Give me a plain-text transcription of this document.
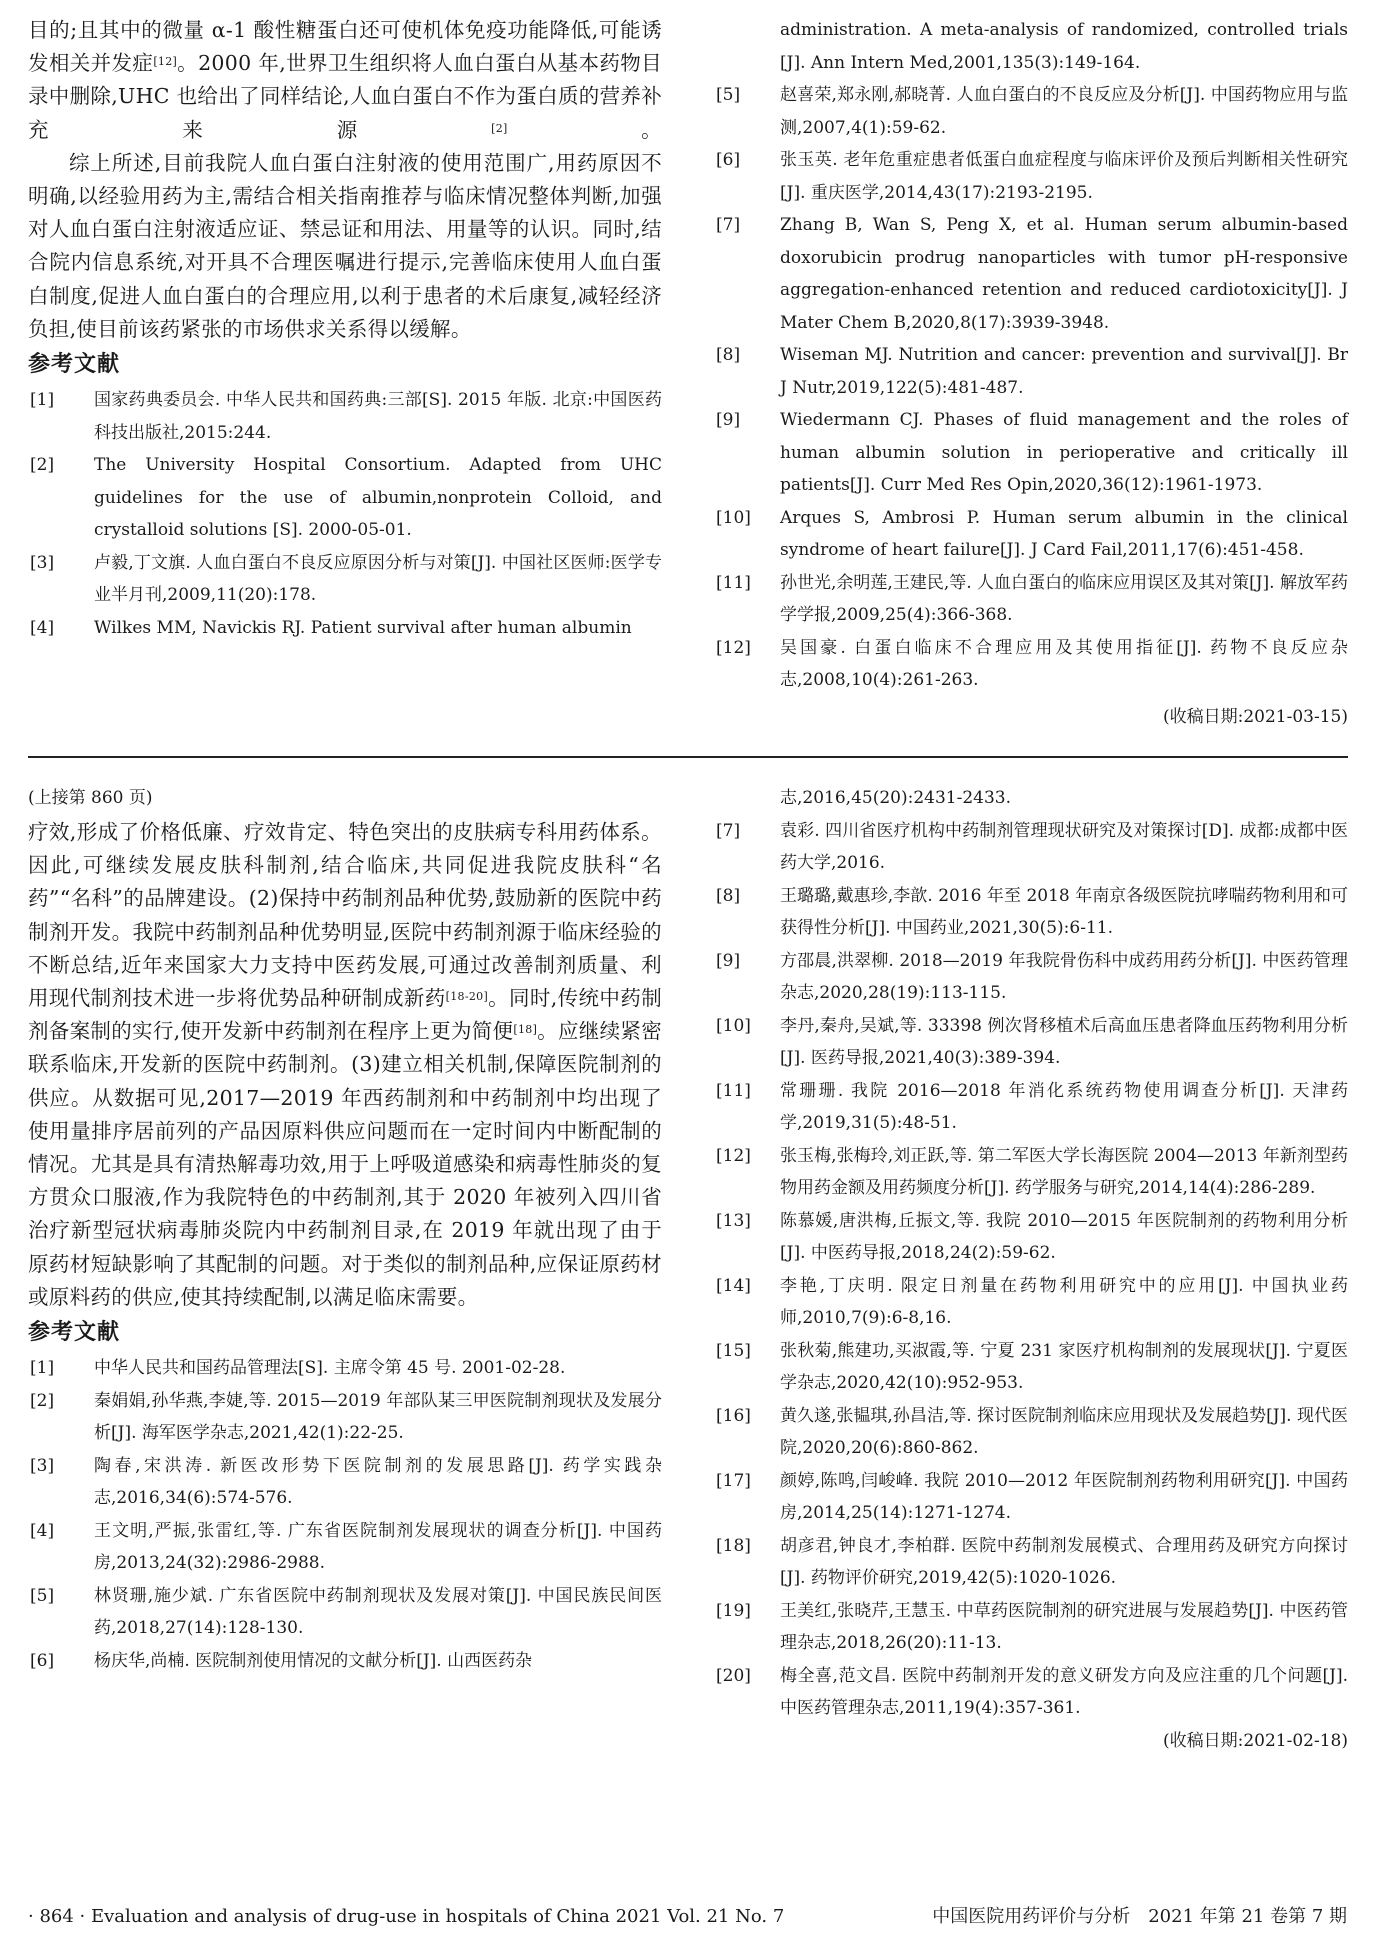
目的;且其中的微量 α-1 酸性糖蛋白还可使机体免疫功能降低,可能诱发相关并发症[12]。2000 年,世界卫生组织将人血白蛋白从基本药物目录中删除,UHC 也给出了同样结论,人血白蛋白不作为蛋白质的营养补充来源[2]。

综上所述,目前我院人血白蛋白注射液的使用范围广,用药原因不明确,以经验用药为主,需结合相关指南推荐与临床情况整体判断,加强对人血白蛋白注射液适应证、禁忌证和用法、用量等的认识。同时,结合院内信息系统,对开具不合理医嘱进行提示,完善临床使用人血白蛋白制度,促进人血白蛋白的合理应用,以利于患者的术后康复,减轻经济负担,使目前该药紧张的市场供求关系得以缓解。

参考文献
[1]	国家药典委员会. 中华人民共和国药典:三部[S]. 2015 年版. 北京:中国医药科技出版社,2015:244.
[2]	The University Hospital Consortium. Adapted from UHC guidelines for the use of albumin,nonprotein Colloid, and crystalloid solutions [S]. 2000-05-01.
[3]	卢毅,丁文旗. 人血白蛋白不良反应原因分析与对策[J]. 中国社区医师:医学专业半月刊,2009,11(20):178.
[4]	Wilkes MM, Navickis RJ. Patient survival after human albumin
administration. A meta-analysis of randomized, controlled trials [J]. Ann Intern Med,2001,135(3):149-164.
[5]	赵喜荣,郑永刚,郝晓菁. 人血白蛋白的不良反应及分析[J]. 中国药物应用与监测,2007,4(1):59-62.
[6]	张玉英. 老年危重症患者低蛋白血症程度与临床评价及预后判断相关性研究[J]. 重庆医学,2014,43(17):2193-2195.
[7]	Zhang B, Wan S, Peng X, et al. Human serum albumin-based doxorubicin prodrug nanoparticles with tumor pH-responsive aggregation-enhanced retention and reduced cardiotoxicity[J]. J Mater Chem B,2020,8(17):3939-3948.
[8]	Wiseman MJ. Nutrition and cancer: prevention and survival[J]. Br J Nutr,2019,122(5):481-487.
[9]	Wiedermann CJ. Phases of fluid management and the roles of human albumin solution in perioperative and critically ill patients[J]. Curr Med Res Opin,2020,36(12):1961-1973.
[10]	Arques S, Ambrosi P. Human serum albumin in the clinical syndrome of heart failure[J]. J Card Fail,2011,17(6):451-458.
[11]	孙世光,余明莲,王建民,等. 人血白蛋白的临床应用误区及其对策[J]. 解放军药学学报,2009,25(4):366-368.
[12]	吴国豪. 白蛋白临床不合理应用及其使用指征[J]. 药物不良反应杂志,2008,10(4):261-263.
(收稿日期:2021-03-15)
(上接第 860 页)

疗效,形成了价格低廉、疗效肯定、特色突出的皮肤病专科用药体系。因此,可继续发展皮肤科制剂,结合临床,共同促进我院皮肤科“名药”“名科”的品牌建设。(2)保持中药制剂品种优势,鼓励新的医院中药制剂开发。我院中药制剂品种优势明显,医院中药制剂源于临床经验的不断总结,近年来国家大力支持中医药发展,可通过改善制剂质量、利用现代制剂技术进一步将优势品种研制成新药[18-20]。同时,传统中药制剂备案制的实行,使开发新中药制剂在程序上更为简便[18]。应继续紧密联系临床,开发新的医院中药制剂。(3)建立相关机制,保障医院制剂的供应。从数据可见,2017—2019 年西药制剂和中药制剂中均出现了使用量排序居前列的产品因原料供应问题而在一定时间内中断配制的情况。尤其是具有清热解毒功效,用于上呼吸道感染和病毒性肺炎的复方贯众口服液,作为我院特色的中药制剂,其于 2020 年被列入四川省治疗新型冠状病毒肺炎院内中药制剂目录,在 2019 年就出现了由于原药材短缺影响了其配制的问题。对于类似的制剂品种,应保证原药材或原料药的供应,使其持续配制,以满足临床需要。

参考文献
[1]	中华人民共和国药品管理法[S]. 主席令第 45 号. 2001-02-28.
[2]	秦娟娟,孙华燕,李婕,等. 2015—2019 年部队某三甲医院制剂现状及发展分析[J]. 海军医学杂志,2021,42(1):22-25.
[3]	陶春,宋洪涛. 新医改形势下医院制剂的发展思路[J]. 药学实践杂志,2016,34(6):574-576.
[4]	王文明,严振,张雷红,等. 广东省医院制剂发展现状的调查分析[J]. 中国药房,2013,24(32):2986-2988.
[5]	林贤珊,施少斌. 广东省医院中药制剂现状及发展对策[J]. 中国民族民间医药,2018,27(14):128-130.
[6]	杨庆华,尚楠. 医院制剂使用情况的文献分析[J]. 山西医药杂
志,2016,45(20):2431-2433.
[7]	袁彩. 四川省医疗机构中药制剂管理现状研究及对策探讨[D]. 成都:成都中医药大学,2016.
[8]	王璐璐,戴惠珍,李歆. 2016 年至 2018 年南京各级医院抗哮喘药物利用和可获得性分析[J]. 中国药业,2021,30(5):6-11.
[9]	方邵晨,洪翠柳. 2018—2019 年我院骨伤科中成药用药分析[J]. 中医药管理杂志,2020,28(19):113-115.
[10]	李丹,秦舟,吴斌,等. 33398 例次肾移植术后高血压患者降血压药物利用分析[J]. 医药导报,2021,40(3):389-394.
[11]	常珊珊. 我院 2016—2018 年消化系统药物使用调查分析[J]. 天津药学,2019,31(5):48-51.
[12]	张玉梅,张梅玲,刘正跃,等. 第二军医大学长海医院 2004—2013 年新剂型药物用药金额及用药频度分析[J]. 药学服务与研究,2014,14(4):286-289.
[13]	陈慕媛,唐洪梅,丘振文,等. 我院 2010—2015 年医院制剂的药物利用分析[J]. 中医药导报,2018,24(2):59-62.
[14]	李艳,丁庆明. 限定日剂量在药物利用研究中的应用[J]. 中国执业药师,2010,7(9):6-8,16.
[15]	张秋菊,熊建功,买淑霞,等. 宁夏 231 家医疗机构制剂的发展现状[J]. 宁夏医学杂志,2020,42(10):952-953.
[16]	黄久遂,张韫琪,孙昌洁,等. 探讨医院制剂临床应用现状及发展趋势[J]. 现代医院,2020,20(6):860-862.
[17]	颜婷,陈鸣,闫峻峰. 我院 2010—2012 年医院制剂药物利用研究[J]. 中国药房,2014,25(14):1271-1274.
[18]	胡彦君,钟良才,李柏群. 医院中药制剂发展模式、合理用药及研究方向探讨[J]. 药物评价研究,2019,42(5):1020-1026.
[19]	王美红,张晓芹,王慧玉. 中草药医院制剂的研究进展与发展趋势[J]. 中医药管理杂志,2018,26(20):11-13.
[20]	梅全喜,范文昌. 医院中药制剂开发的意义研发方向及应注重的几个问题[J]. 中医药管理杂志,2011,19(4):357-361.
(收稿日期:2021-02-18)
· 864 · Evaluation and analysis of drug-use in hospitals of China 2021 Vol. 21 No. 7	中国医院用药评价与分析　2021 年第 21 卷第 7 期
